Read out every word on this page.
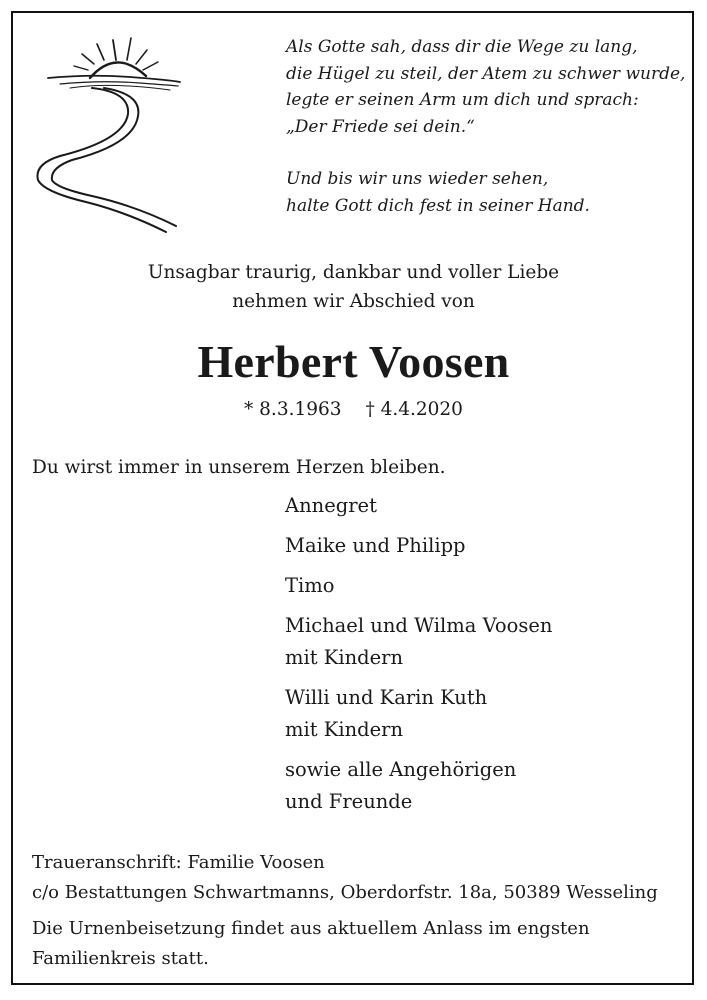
Als Gotte sah, dass dir die Wege zu lang,

die Hügel zu steil, der Atem zu schwer wurde,

legte er seinen Arm um dich und sprach:

„Der Friede sei dein.“

Und bis wir uns wieder sehen,

halte Gott dich fest in seiner Hand.

Unsagbar traurig, dankbar und voller Liebe

nehmen wir Abschied von

Herbert Voosen
* 8.3.1963 † 4.4.2020
Du wirst immer in unserem Herzen bleiben.
Annegret
Maike und Philipp
Timo
Michael und Wilma Voosen
mit Kindern
Willi und Karin Kuth
mit Kindern
sowie alle Angehörigen
und Freunde

Traueranschrift: Familie Voosen

c/o Bestattungen Schwartmanns, Oberdorfstr. 18a, 50389 Wesseling

Die Urnenbeisetzung findet aus aktuellem Anlass im engsten

Familienkreis statt.
